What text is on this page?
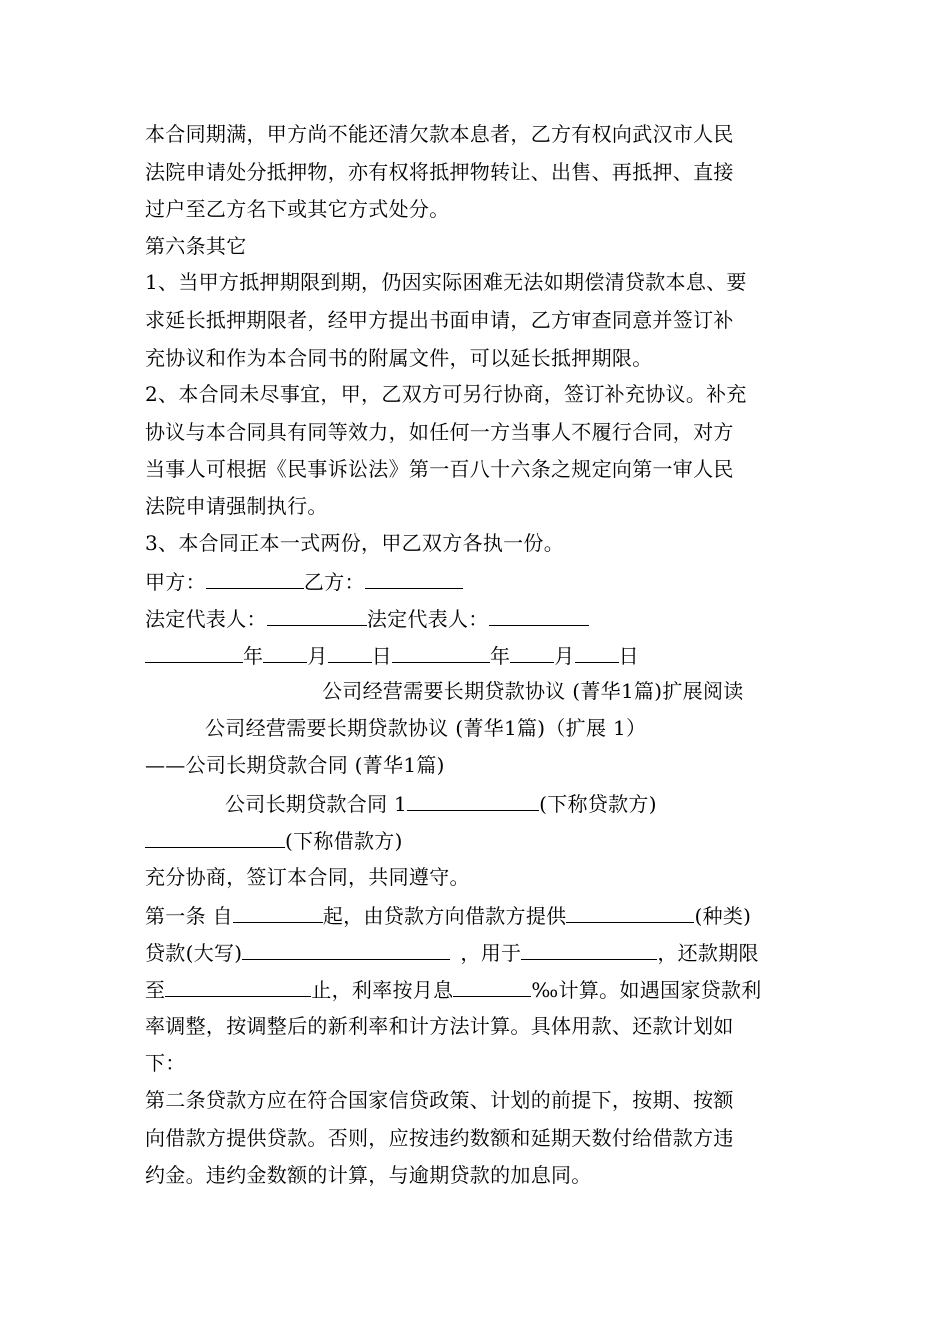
本合同期满，甲方尚不能还清欠款本息者，乙方有权向武汉市人民
法院申请处分抵押物，亦有权将抵押物转让、出售、再抵押、直接
过户至乙方名下或其它方式处分。
第六条其它
1、当甲方抵押期限到期，仍因实际困难无法如期偿清贷款本息、要
求延长抵押期限者，经甲方提出书面申请，乙方审查同意并签订补
充协议和作为本合同书的附属文件，可以延长抵押期限。
2、本合同未尽事宜，甲，乙双方可另行协商，签订补充协议。补充
协议与本合同具有同等效力，如任何一方当事人不履行合同，对方
当事人可根据《民事诉讼法》第一百八十六条之规定向第一审人民
法院申请强制执行。
3、本合同正本一式两份，甲乙双方各执一份。
甲方：	乙方：
法定代表人：	法定代表人：
年 月 日	年 月 日
公司经营需要长期贷款协议 (菁华1篇)扩展阅读
公司经营需要长期贷款协议 (菁华1篇)（扩展 1）
——公司长期贷款合同 (菁华1篇)
公司长期贷款合同 1	(下称贷款方)
(下称借款方)
充分协商，签订本合同，共同遵守。
第一条 自	起，由贷款方向借款方提供	(种类)
贷款(大写)	，用于	，还款期限
至	止，利率按月息	‰计算。如遇国家贷款利
率调整，按调整后的新利率和计方法计算。具体用款、还款计划如
下：
第二条贷款方应在符合国家信贷政策、计划的前提下，按期、按额
向借款方提供贷款。否则，应按违约数额和延期天数付给借款方违
约金。违约金数额的计算，与逾期贷款的加息同。
